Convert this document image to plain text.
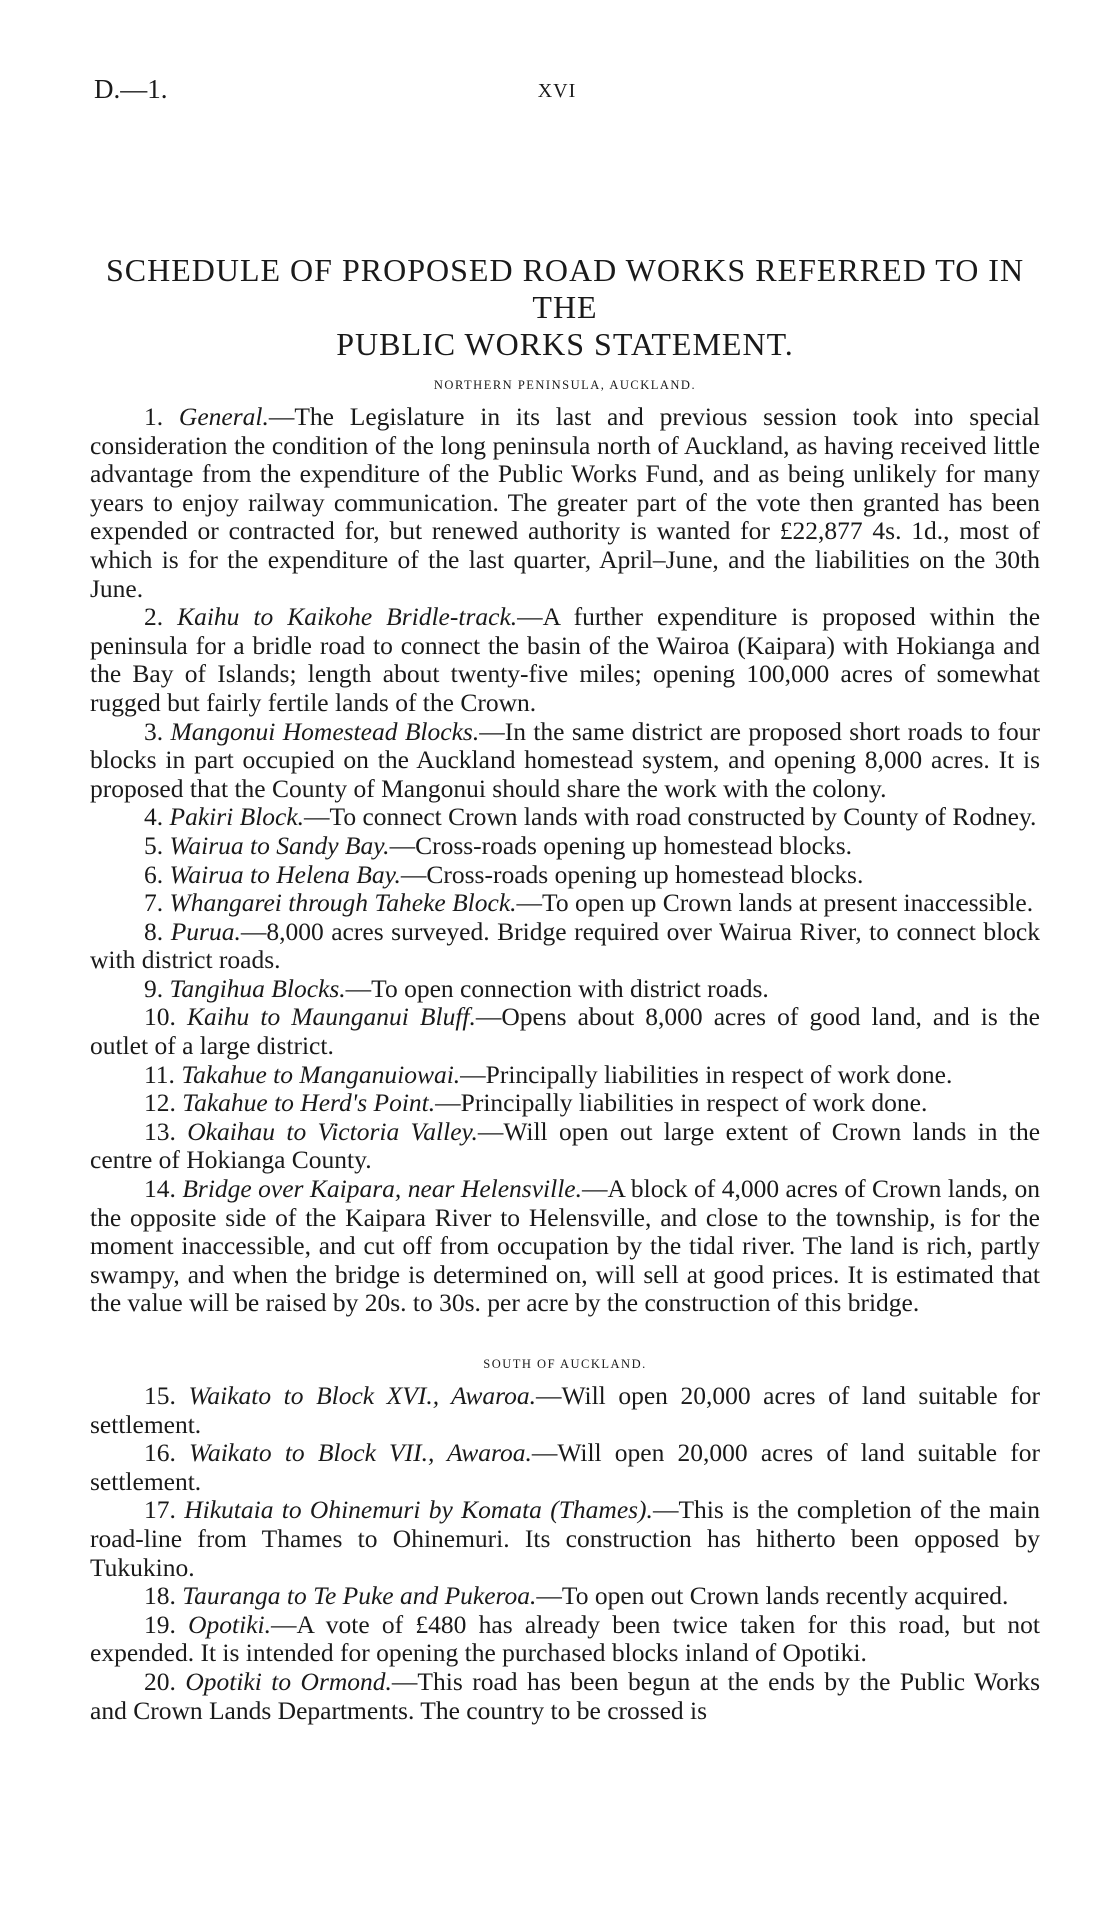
D.—1.	XVI
SCHEDULE OF PROPOSED ROAD WORKS REFERRED TO IN THE
PUBLIC WORKS STATEMENT.
NORTHERN PENINSULA, AUCKLAND.

1. General.—The Legislature in its last and previous session took into special consideration the condition of the long peninsula north of Auckland, as having received little advantage from the expenditure of the Public Works Fund, and as being unlikely for many years to enjoy railway communication. The greater part of the vote then granted has been expended or contracted for, but renewed authority is wanted for £22,877 4s. 1d., most of which is for the expenditure of the last quarter, April–June, and the liabilities on the 30th June.

2. Kaihu to Kaikohe Bridle-track.—A further expenditure is proposed within the peninsula for a bridle road to connect the basin of the Wairoa (Kaipara) with Hokianga and the Bay of Islands; length about twenty-five miles; opening 100,000 acres of somewhat rugged but fairly fertile lands of the Crown.

3. Mangonui Homestead Blocks.—In the same district are proposed short roads to four blocks in part occupied on the Auckland homestead system, and opening 8,000 acres. It is proposed that the County of Mangonui should share the work with the colony.

4. Pakiri Block.—To connect Crown lands with road constructed by County of Rodney.

5. Wairua to Sandy Bay.—Cross-roads opening up homestead blocks.

6. Wairua to Helena Bay.—Cross-roads opening up homestead blocks.

7. Whangarei through Taheke Block.—To open up Crown lands at present inaccessible.

8. Purua.—8,000 acres surveyed. Bridge required over Wairua River, to connect block with district roads.

9. Tangihua Blocks.—To open connection with district roads.

10. Kaihu to Maunganui Bluff.—Opens about 8,000 acres of good land, and is the outlet of a large district.

11. Takahue to Manganuiowai.—Principally liabilities in respect of work done.

12. Takahue to Herd's Point.—Principally liabilities in respect of work done.

13. Okaihau to Victoria Valley.—Will open out large extent of Crown lands in the centre of Hokianga County.

14. Bridge over Kaipara, near Helensville.—A block of 4,000 acres of Crown lands, on the opposite side of the Kaipara River to Helensville, and close to the township, is for the moment inaccessible, and cut off from occupation by the tidal river. The land is rich, partly swampy, and when the bridge is determined on, will sell at good prices. It is estimated that the value will be raised by 20s. to 30s. per acre by the construction of this bridge.

SOUTH OF AUCKLAND.

15. Waikato to Block XVI., Awaroa.—Will open 20,000 acres of land suitable for settlement.

16. Waikato to Block VII., Awaroa.—Will open 20,000 acres of land suitable for settlement.

17. Hikutaia to Ohinemuri by Komata (Thames).—This is the completion of the main road-line from Thames to Ohinemuri. Its construction has hitherto been opposed by Tukukino.

18. Tauranga to Te Puke and Pukeroa.—To open out Crown lands recently acquired.

19. Opotiki.—A vote of £480 has already been twice taken for this road, but not expended. It is intended for opening the purchased blocks inland of Opotiki.

20. Opotiki to Ormond.—This road has been begun at the ends by the Public Works and Crown Lands Departments. The country to be crossed is
